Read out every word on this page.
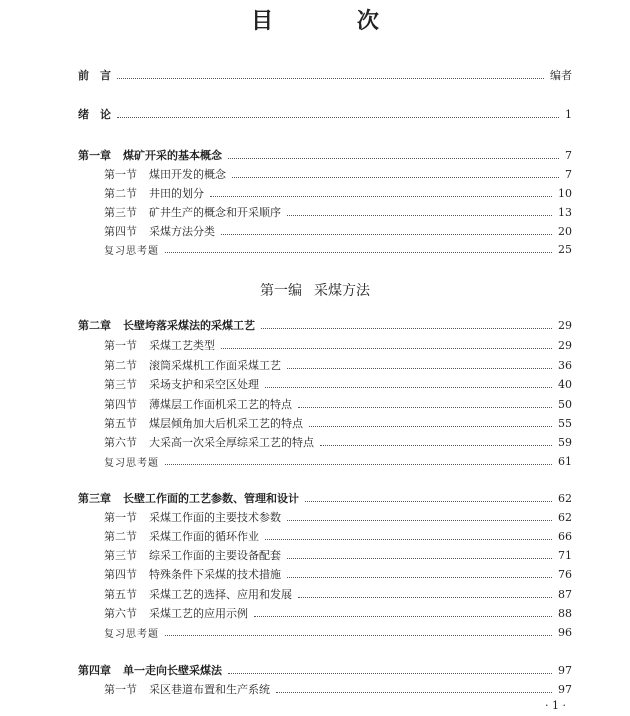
目 次
前　言	编者
绪　论	1
第一章 煤矿开采的基本概念	7
第一节 煤田开发的概念	7
第二节 井田的划分	10
第三节 矿井生产的概念和开采顺序	13
第四节 采煤方法分类	20
复习思考题	25
第一编 采煤方法
第二章 长壁垮落采煤法的采煤工艺	29
第一节 采煤工艺类型	29
第二节 滚筒采煤机工作面采煤工艺	36
第三节 采场支护和采空区处理	40
第四节 薄煤层工作面机采工艺的特点	50
第五节 煤层倾角加大后机采工艺的特点	55
第六节 大采高一次采全厚综采工艺的特点	59
复习思考题	61
第三章 长壁工作面的工艺参数、管理和设计	62
第一节 采煤工作面的主要技术参数	62
第二节 采煤工作面的循环作业	66
第三节 综采工作面的主要设备配套	71
第四节 特殊条件下采煤的技术措施	76
第五节 采煤工艺的选择、应用和发展	87
第六节 采煤工艺的应用示例	88
复习思考题	96
第四章 单一走向长壁采煤法	97
第一节 采区巷道布置和生产系统	97
· 1 ·
